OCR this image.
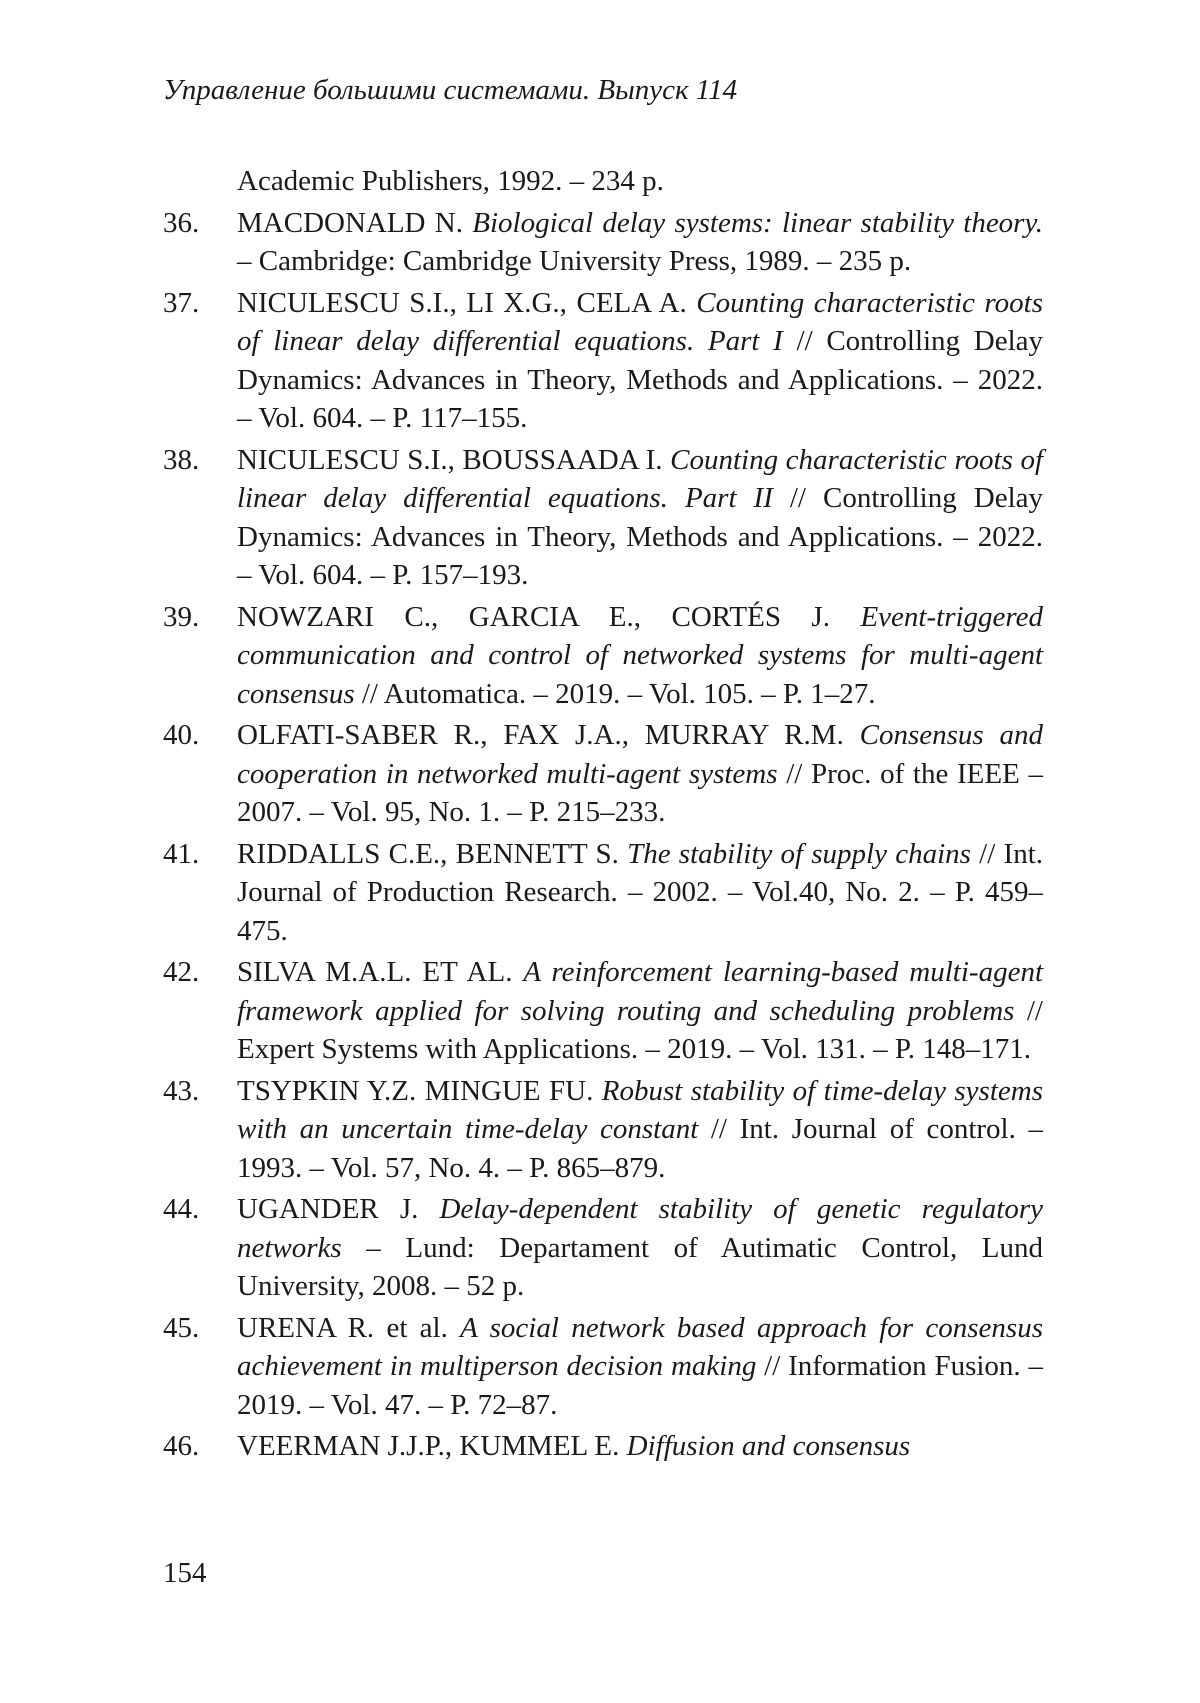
Управление большими системами. Выпуск 114
Academic Publishers, 1992. – 234 p.
36.	MACDONALD N. Biological delay systems: linear stability theory. – Cambridge: Cambridge University Press, 1989. – 235 p.
37.	NICULESCU S.I., LI X.G., CELA A. Counting characteristic roots of linear delay differential equations. Part I // Controlling Delay Dynamics: Advances in Theory, Methods and Applications. – 2022. – Vol. 604. – P. 117–155.
38.	NICULESCU S.I., BOUSSAADA I. Counting characteristic roots of linear delay differential equations. Part II // Controlling Delay Dynamics: Advances in Theory, Methods and Applications. – 2022. – Vol. 604. – P. 157–193.
39.	NOWZARI C., GARCIA E., CORTÉS J. Event-triggered communication and control of networked systems for multi-agent consensus // Automatica. – 2019. – Vol. 105. – P. 1–27.
40.	OLFATI-SABER R., FAX J.A., MURRAY R.M. Consensus and cooperation in networked multi-agent systems // Proc. of the IEEE – 2007. – Vol. 95, No. 1. – P. 215–233.
41.	RIDDALLS C.E., BENNETT S. The stability of supply chains // Int. Journal of Production Research. – 2002. – Vol.40, No. 2. – P. 459–475.
42.	SILVA M.A.L. ET AL. A reinforcement learning-based multi-agent framework applied for solving routing and scheduling problems // Expert Systems with Applications. – 2019. – Vol. 131. – P. 148–171.
43.	TSYPKIN Y.Z. MINGUE FU. Robust stability of time-delay systems with an uncertain time-delay constant // Int. Journal of control. – 1993. – Vol. 57, No. 4. – P. 865–879.
44.	UGANDER J. Delay-dependent stability of genetic regulatory networks – Lund: Departament of Autimatic Control, Lund University, 2008. – 52 p.
45.	URENA R. et al. A social network based approach for consensus achievement in multiperson decision making // Information Fusion. – 2019. – Vol. 47. – P. 72–87.
46.	VEERMAN J.J.P., KUMMEL E. Diffusion and consensus
154
